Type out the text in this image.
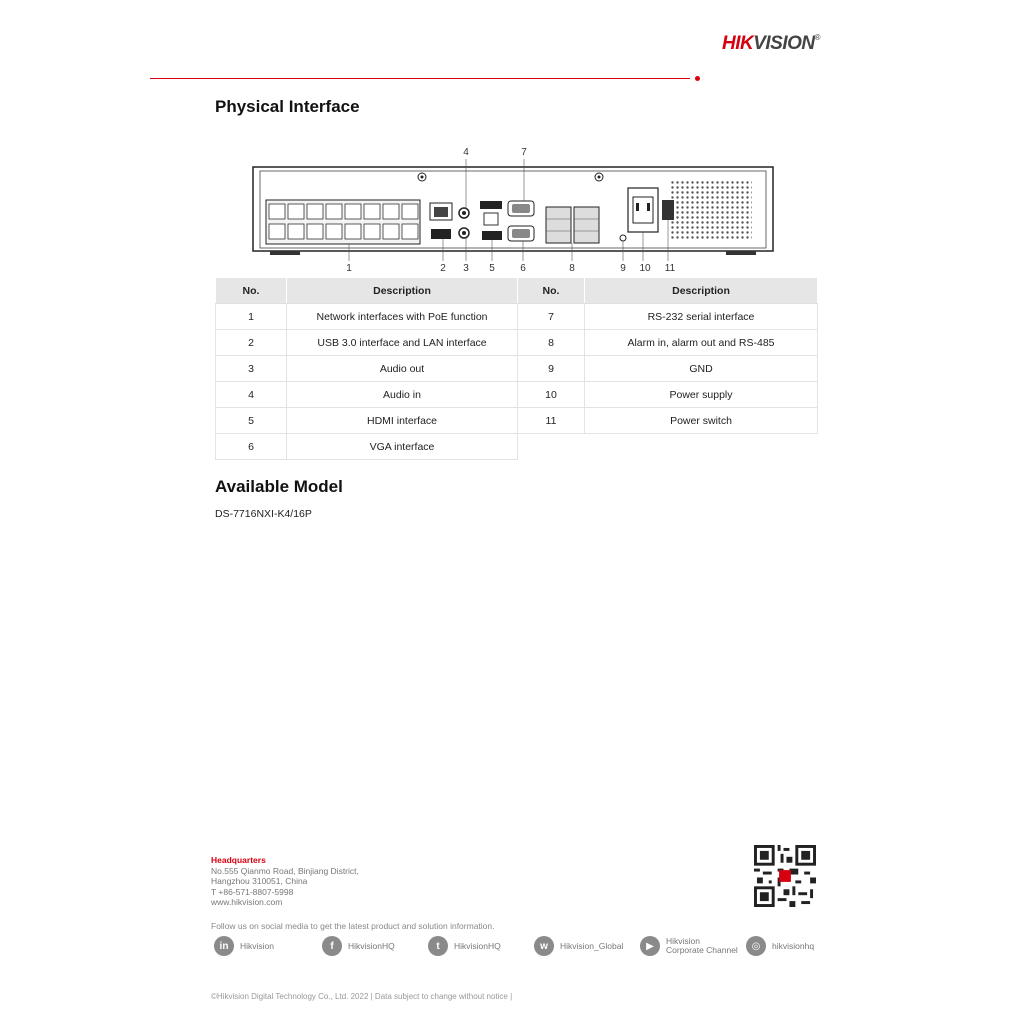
HIKVISION®
Physical Interface
4	7
1	2 3 5	6	8	9 10 11
No.	Description	No.	Description
1	Network interfaces with PoE function	7	RS-232 serial interface
2	USB 3.0 interface and LAN interface	8	Alarm in, alarm out and RS-485
3	Audio out	9	GND
4	Audio in	10	Power supply
5	HDMI interface	11	Power switch
6	VGA interface		
Available Model
DS-7716NXI-K4/16P
Headquarters
No.555 Qianmo Road, Binjiang District,
Hangzhou 310051, China
T +86-571-8807-5998
www.hikvision.com
Follow us on social media to get the latest product and solution information.
in	Hikvision	f	HikvisionHQ	t	HikvisionHQ	w	Hikvision_Global	▶	Hikvision
Corporate Channel	◎	hikvisionhq
©Hikvision Digital Technology Co., Ltd. 2022 | Data subject to change without notice |
